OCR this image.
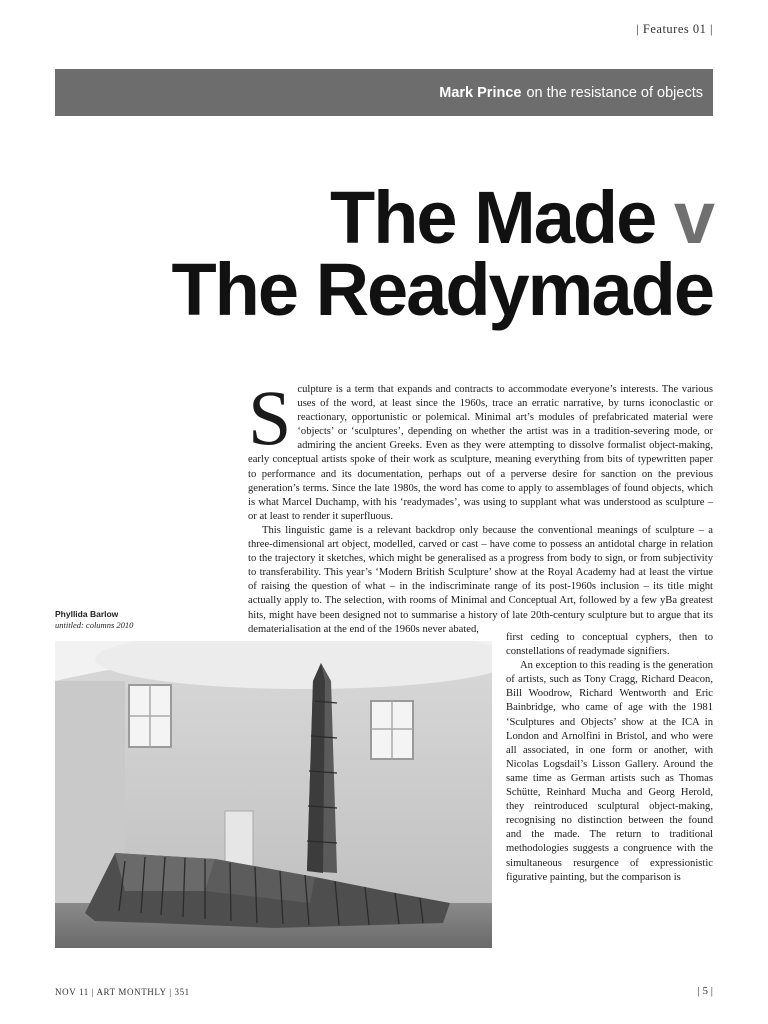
| Features 01 |
Mark Prince on the resistance of objects
The Made v
The Readymade

Sculpture is a term that expands and contracts to accommodate everyone’s interests. The various uses of the word, at least since the 1960s, trace an erratic narrative, by turns iconoclastic or reactionary, opportunistic or polemical. Minimal art’s modules of prefabricated material were ‘objects’ or ‘sculptures’, depending on whether the artist was in a tradition-severing mode, or admiring the ancient Greeks. Even as they were attempting to dissolve formalist object-making, early conceptual artists spoke of their work as sculpture, meaning everything from bits of typewritten paper to performance and its documentation, perhaps out of a perverse desire for sanction on the previous generation’s terms. Since the late 1980s, the word has come to apply to assemblages of found objects, which is what Marcel Duchamp, with his ‘readymades’, was using to supplant what was understood as sculpture – or at least to render it superfluous.

This linguistic game is a relevant backdrop only because the conventional meanings of sculpture – a three-dimensional art object, modelled, carved or cast – have come to possess an antidotal charge in relation to the trajectory it sketches, which might be generalised as a progress from body to sign, or from subjectivity to transferability. This year’s ‘Modern British Sculpture’ show at the Royal Academy had at least the virtue of raising the question of what – in the indiscriminate range of its post-1960s inclusion – its title might actually apply to. The selection, with rooms of Minimal and Conceptual Art, followed by a few yBa greatest hits, might have been designed not to summarise a history of late 20th-century sculpture but to argue that its dematerialisation at the end of the 1960s never abated,

first ceding to conceptual cyphers, then to constellations of readymade signifiers.

An exception to this reading is the generation of artists, such as Tony Cragg, Richard Deacon, Bill Woodrow, Richard Wentworth and Eric Bainbridge, who came of age with the 1981 ‘Sculptures and Objects’ show at the ICA in London and Arnolfini in Bristol, and who were all associated, in one form or another, with Nicolas Logsdail’s Lisson Gallery. Around the same time as German artists such as Thomas Schütte, Reinhard Mucha and Georg Herold, they reintroduced sculptural object-making, recognising no distinction between the found and the made. The return to traditional methodologies suggests a congruence with the simultaneous resurgence of expressionistic figurative painting, but the comparison is

Phyllida Barlow
untitled: columns 2010
NOV 11 | ART MONTHLY | 351	| 5 |
